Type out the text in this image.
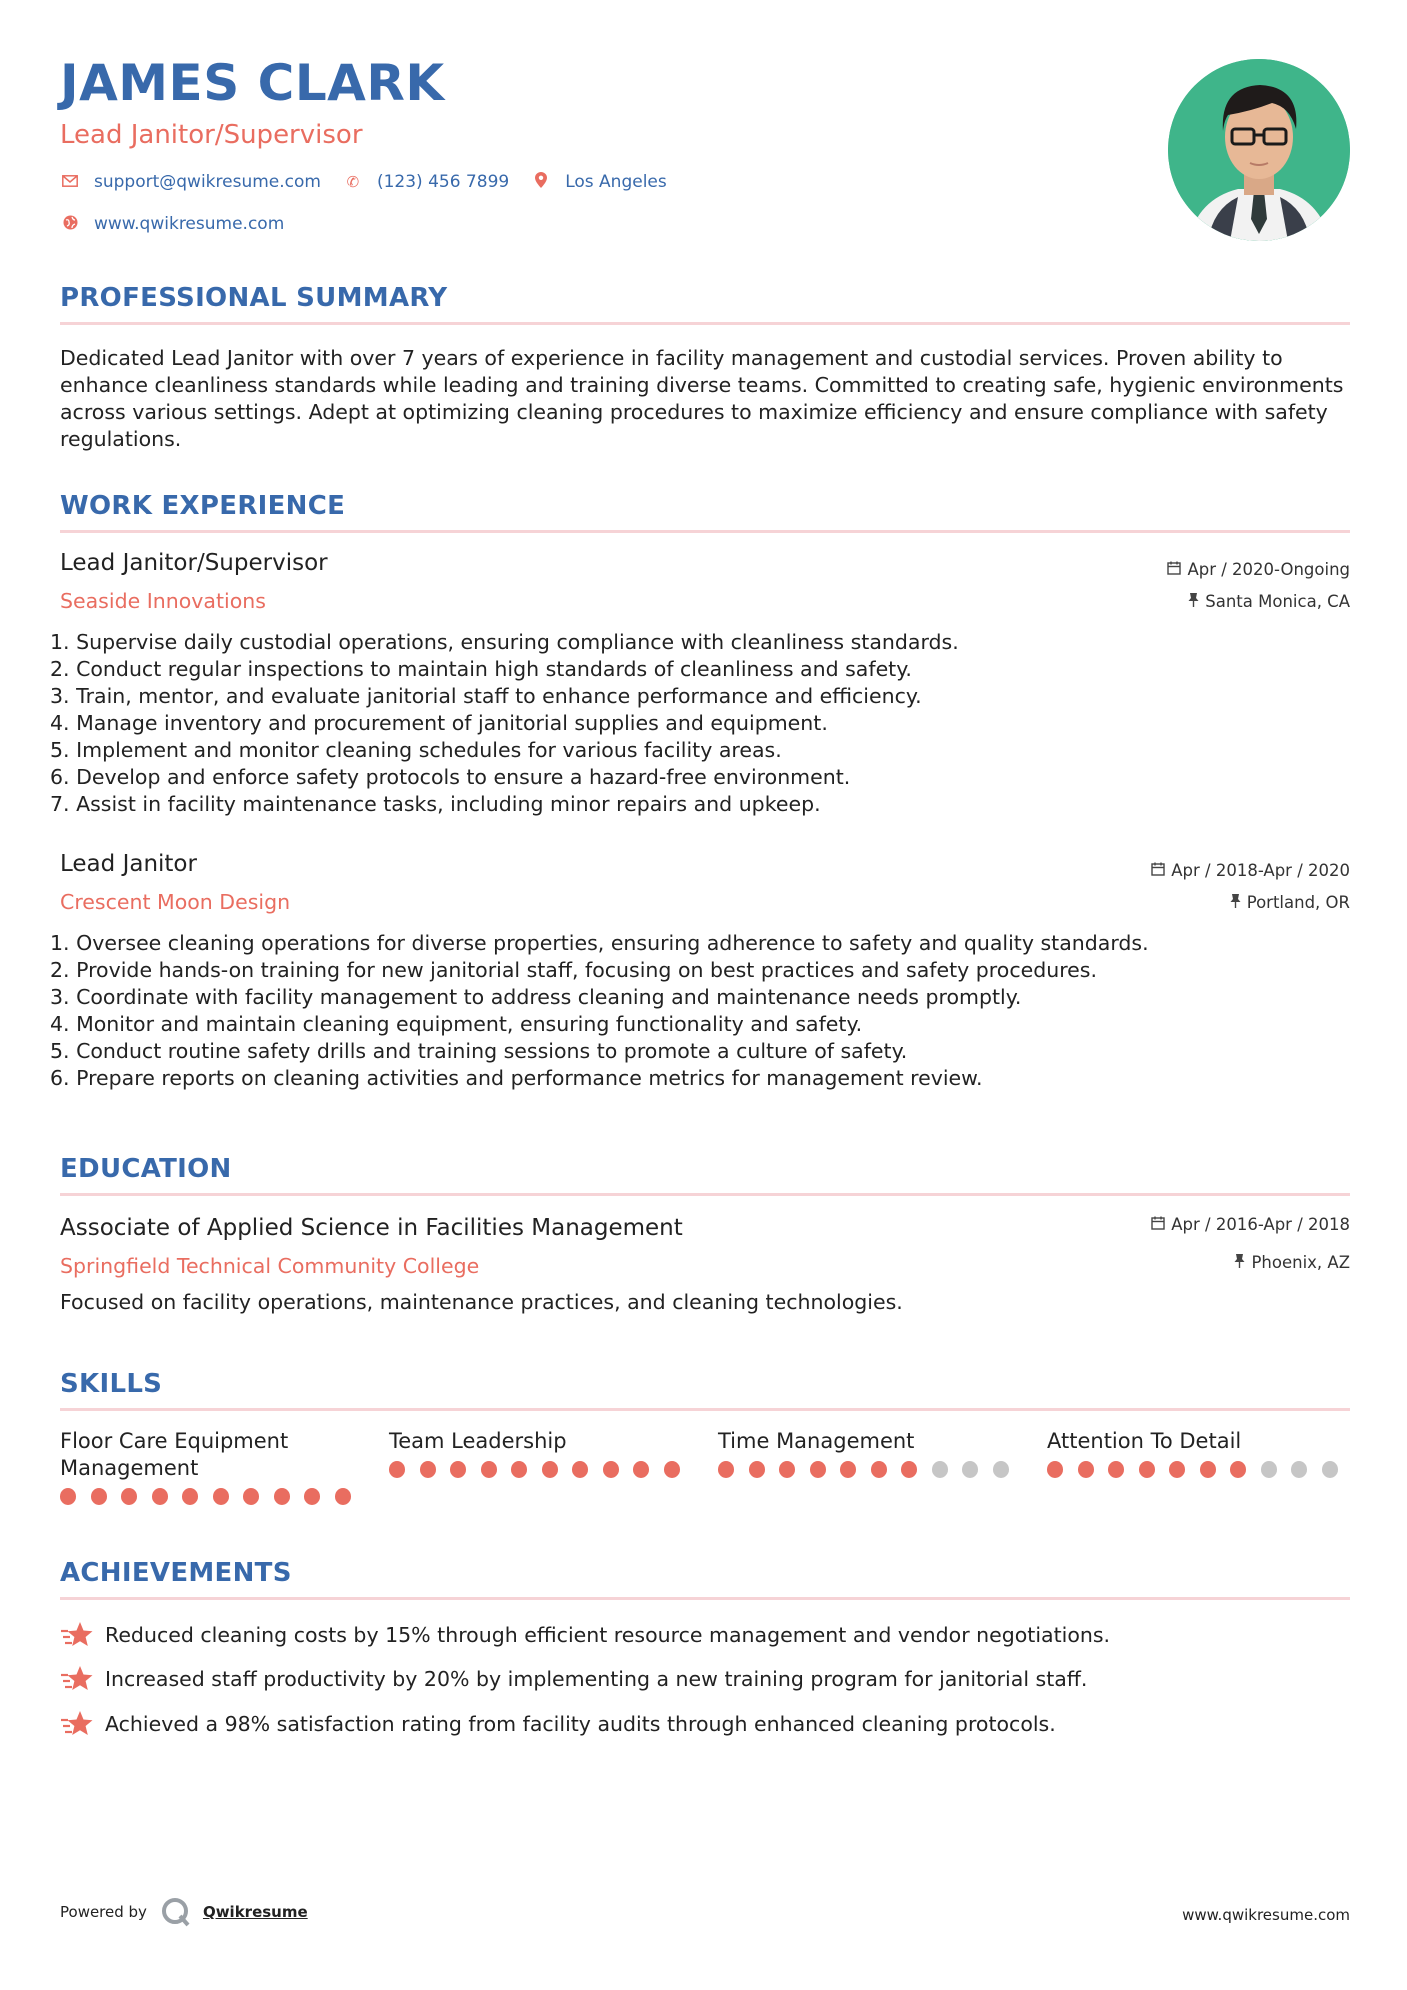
JAMES CLARK
Lead Janitor/Supervisor
support@qwikresume.com ✆ (123) 456 7899	Los Angeles
www.qwikresume.com
PROFESSIONAL SUMMARY
Dedicated Lead Janitor with over 7 years of experience in facility management and custodial services. Proven ability to enhance cleanliness standards while leading and training diverse teams. Committed to creating safe, hygienic environments across various settings. Adept at optimizing cleaning procedures to maximize efficiency and ensure compliance with safety regulations.
WORK EXPERIENCE
Lead Janitor/Supervisor
Seaside Innovations
Apr / 2020-Ongoing
Santa Monica, CA
1. Supervise daily custodial operations, ensuring compliance with cleanliness standards.
2. Conduct regular inspections to maintain high standards of cleanliness and safety.
3. Train, mentor, and evaluate janitorial staff to enhance performance and efficiency.
4. Manage inventory and procurement of janitorial supplies and equipment.
5. Implement and monitor cleaning schedules for various facility areas.
6. Develop and enforce safety protocols to ensure a hazard-free environment.
7. Assist in facility maintenance tasks, including minor repairs and upkeep.
Lead Janitor
Crescent Moon Design
Apr / 2018-Apr / 2020
Portland, OR
1. Oversee cleaning operations for diverse properties, ensuring adherence to safety and quality standards.
2. Provide hands-on training for new janitorial staff, focusing on best practices and safety procedures.
3. Coordinate with facility management to address cleaning and maintenance needs promptly.
4. Monitor and maintain cleaning equipment, ensuring functionality and safety.
5. Conduct routine safety drills and training sessions to promote a culture of safety.
6. Prepare reports on cleaning activities and performance metrics for management review.
EDUCATION
Associate of Applied Science in Facilities Management
Springfield Technical Community College
Apr / 2016-Apr / 2018
Phoenix, AZ
Focused on facility operations, maintenance practices, and cleaning technologies.
SKILLS
Floor Care Equipment Management
Team Leadership	Time Management	Attention To Detail
ACHIEVEMENTS
Reduced cleaning costs by 15% through efficient resource management and vendor negotiations.
Increased staff productivity by 20% by implementing a new training program for janitorial staff.
Achieved a 98% satisfaction rating from facility audits through enhanced cleaning protocols.
Powered by	Qwikresume	www.qwikresume.com
